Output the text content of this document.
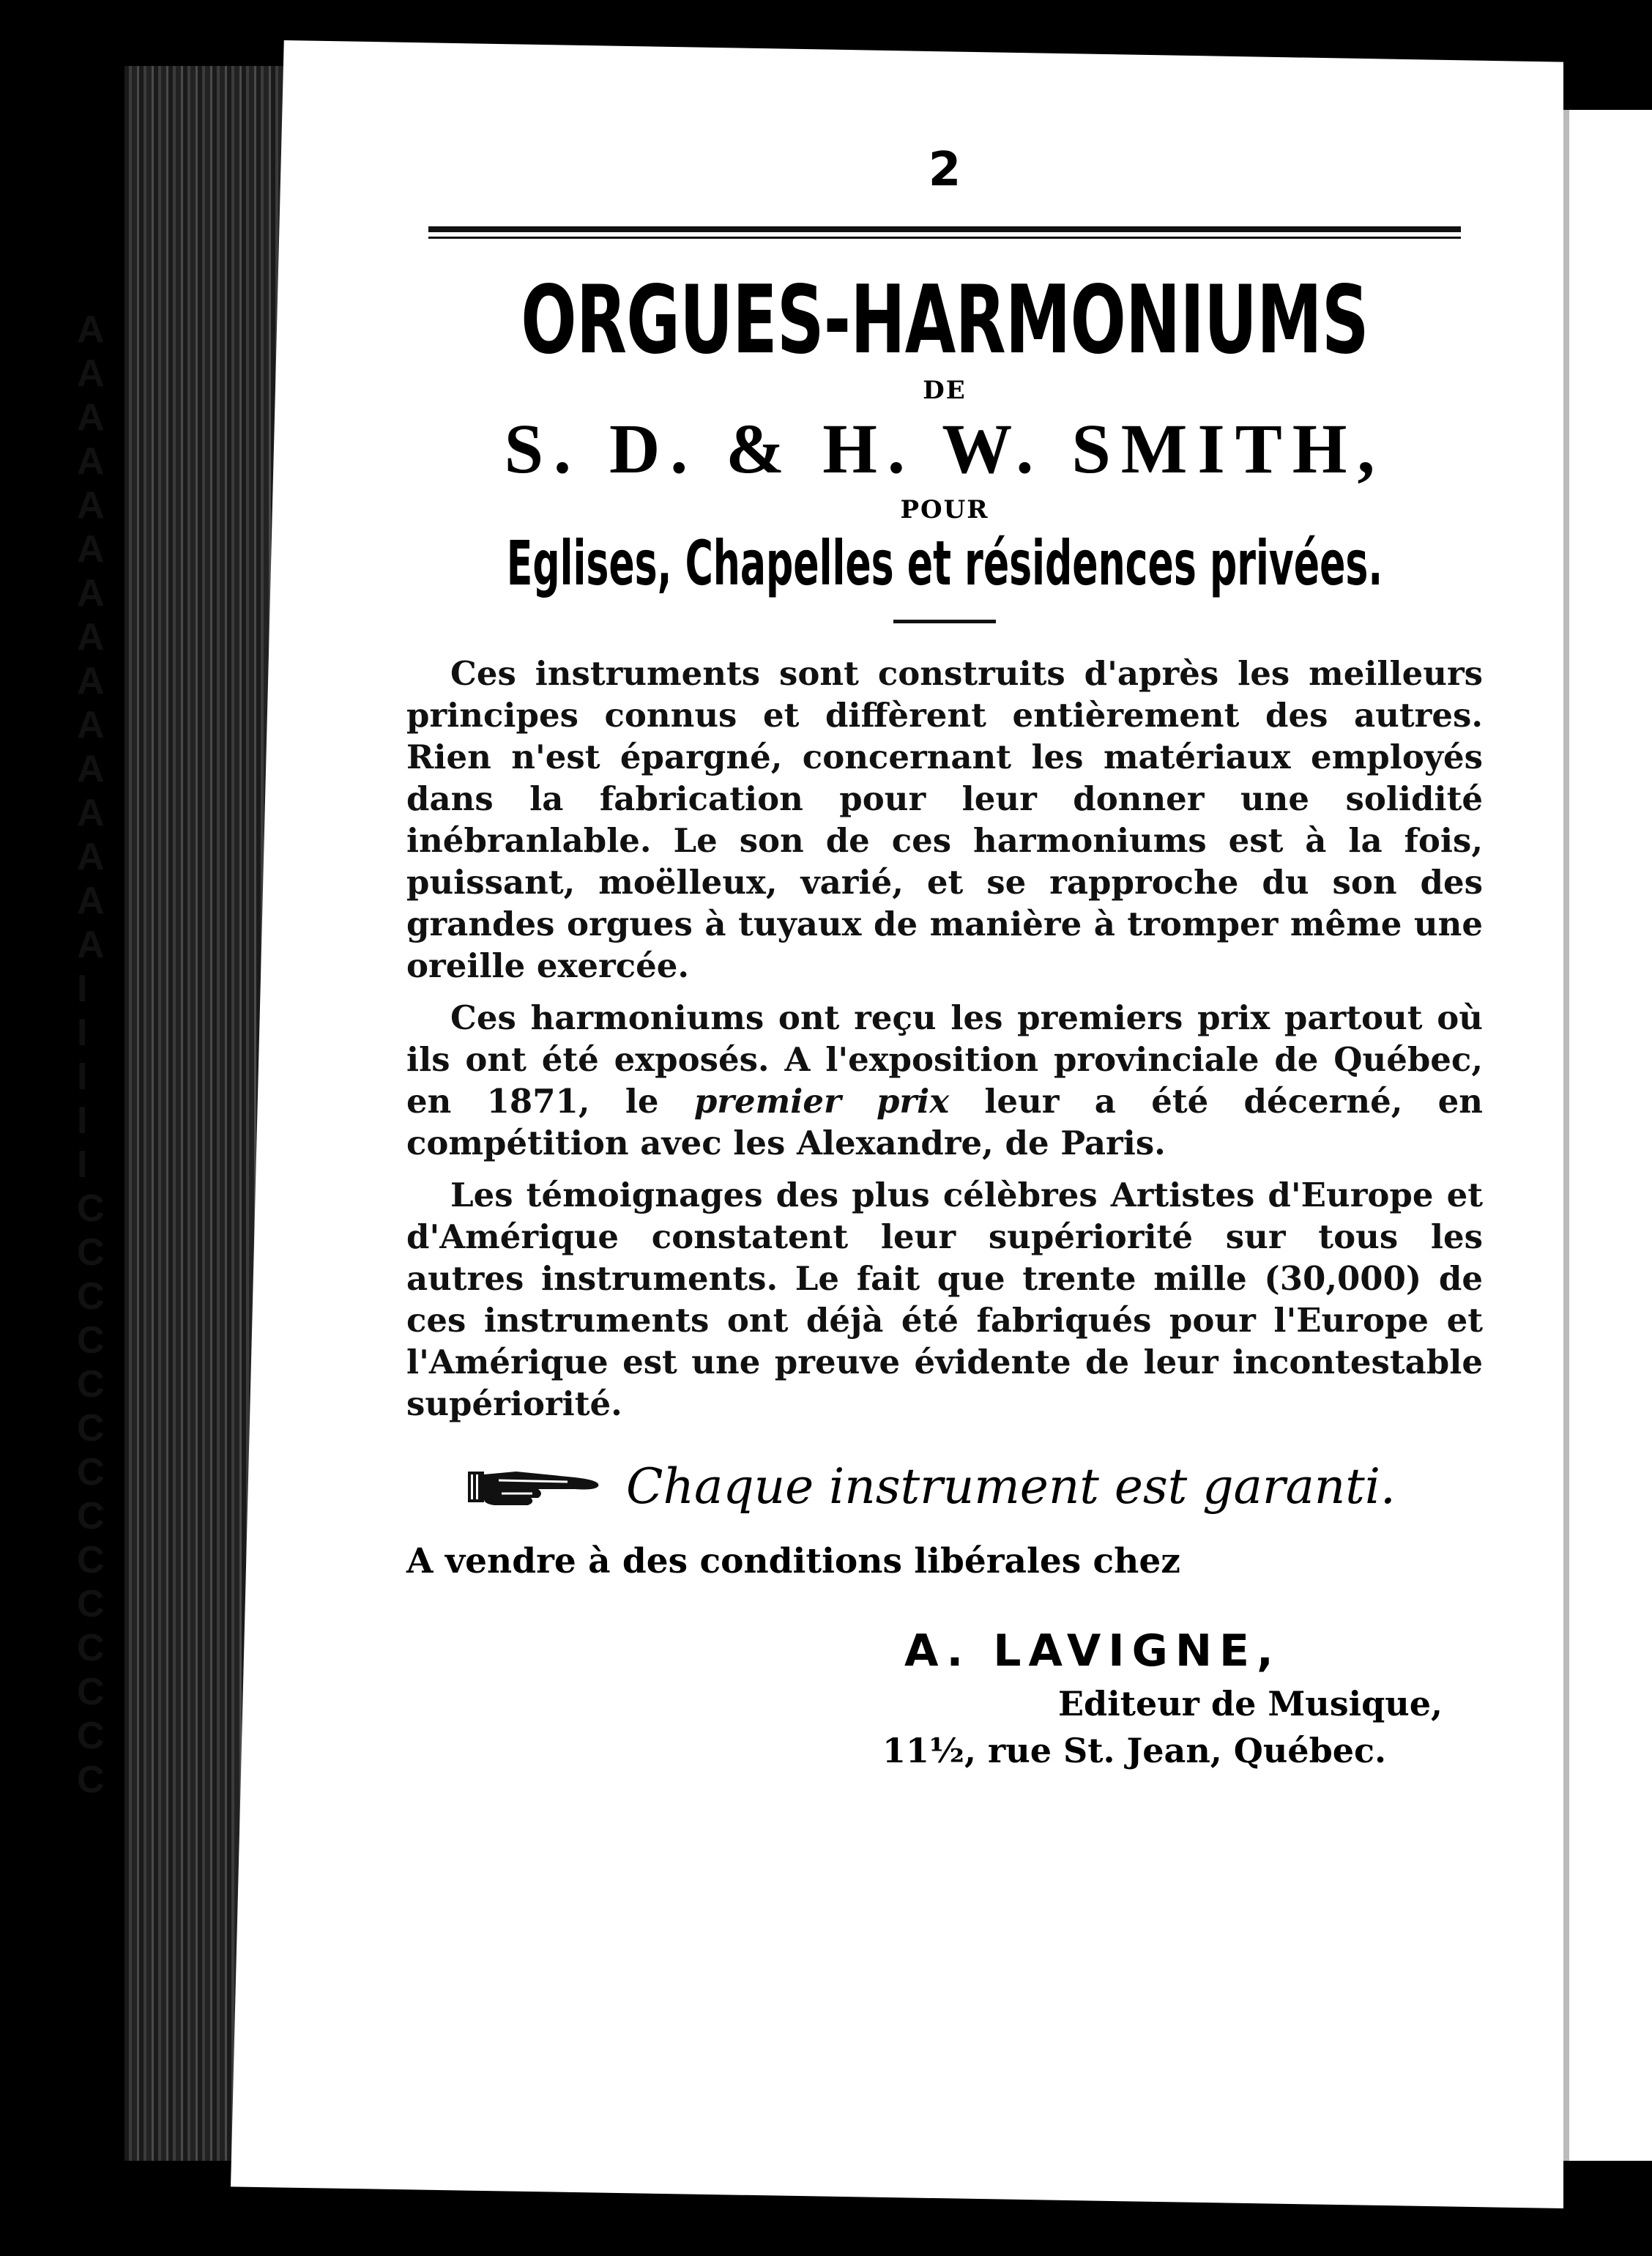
A
A
A
A
A
A
A
A
A
A
A
A
A
A
A
I
I
I
I
I
C
C
C
C
C
C
C
C
C
C
C
C
C
C
2
ORGUES-HARMONIUMS
DE
S. D. & H. W. SMITH,
POUR
Eglises, Chapelles et résidences privées.

Ces instruments sont construits d'après les meilleurs principes connus et diffèrent entièrement des autres. Rien n'est épargné, concernant les matériaux employés dans la fabrication pour leur donner une solidité inébranlable. Le son de ces harmoniums est à la fois, puissant, moëlleux, varié, et se rapproche du son des grandes orgues à tuyaux de manière à tromper même une oreille exercée.

Ces harmoniums ont reçu les premiers prix partout où ils ont été exposés. A l'exposition provinciale de Québec, en 1871, le premier prix leur a été décerné, en compétition avec les Alexandre, de Paris.

Les témoignages des plus célèbres Artistes d'Europe et d'Amérique constatent leur supériorité sur tous les autres instruments. Le fait que trente mille (30,000) de ces instruments ont déjà été fabriqués pour l'Europe et l'Amérique est une preuve évidente de leur incontestable supériorité.

Chaque instrument est garanti.
A vendre à des conditions libérales chez
A. LAVIGNE,
Editeur de Musique,
11½, rue St. Jean, Québec.
